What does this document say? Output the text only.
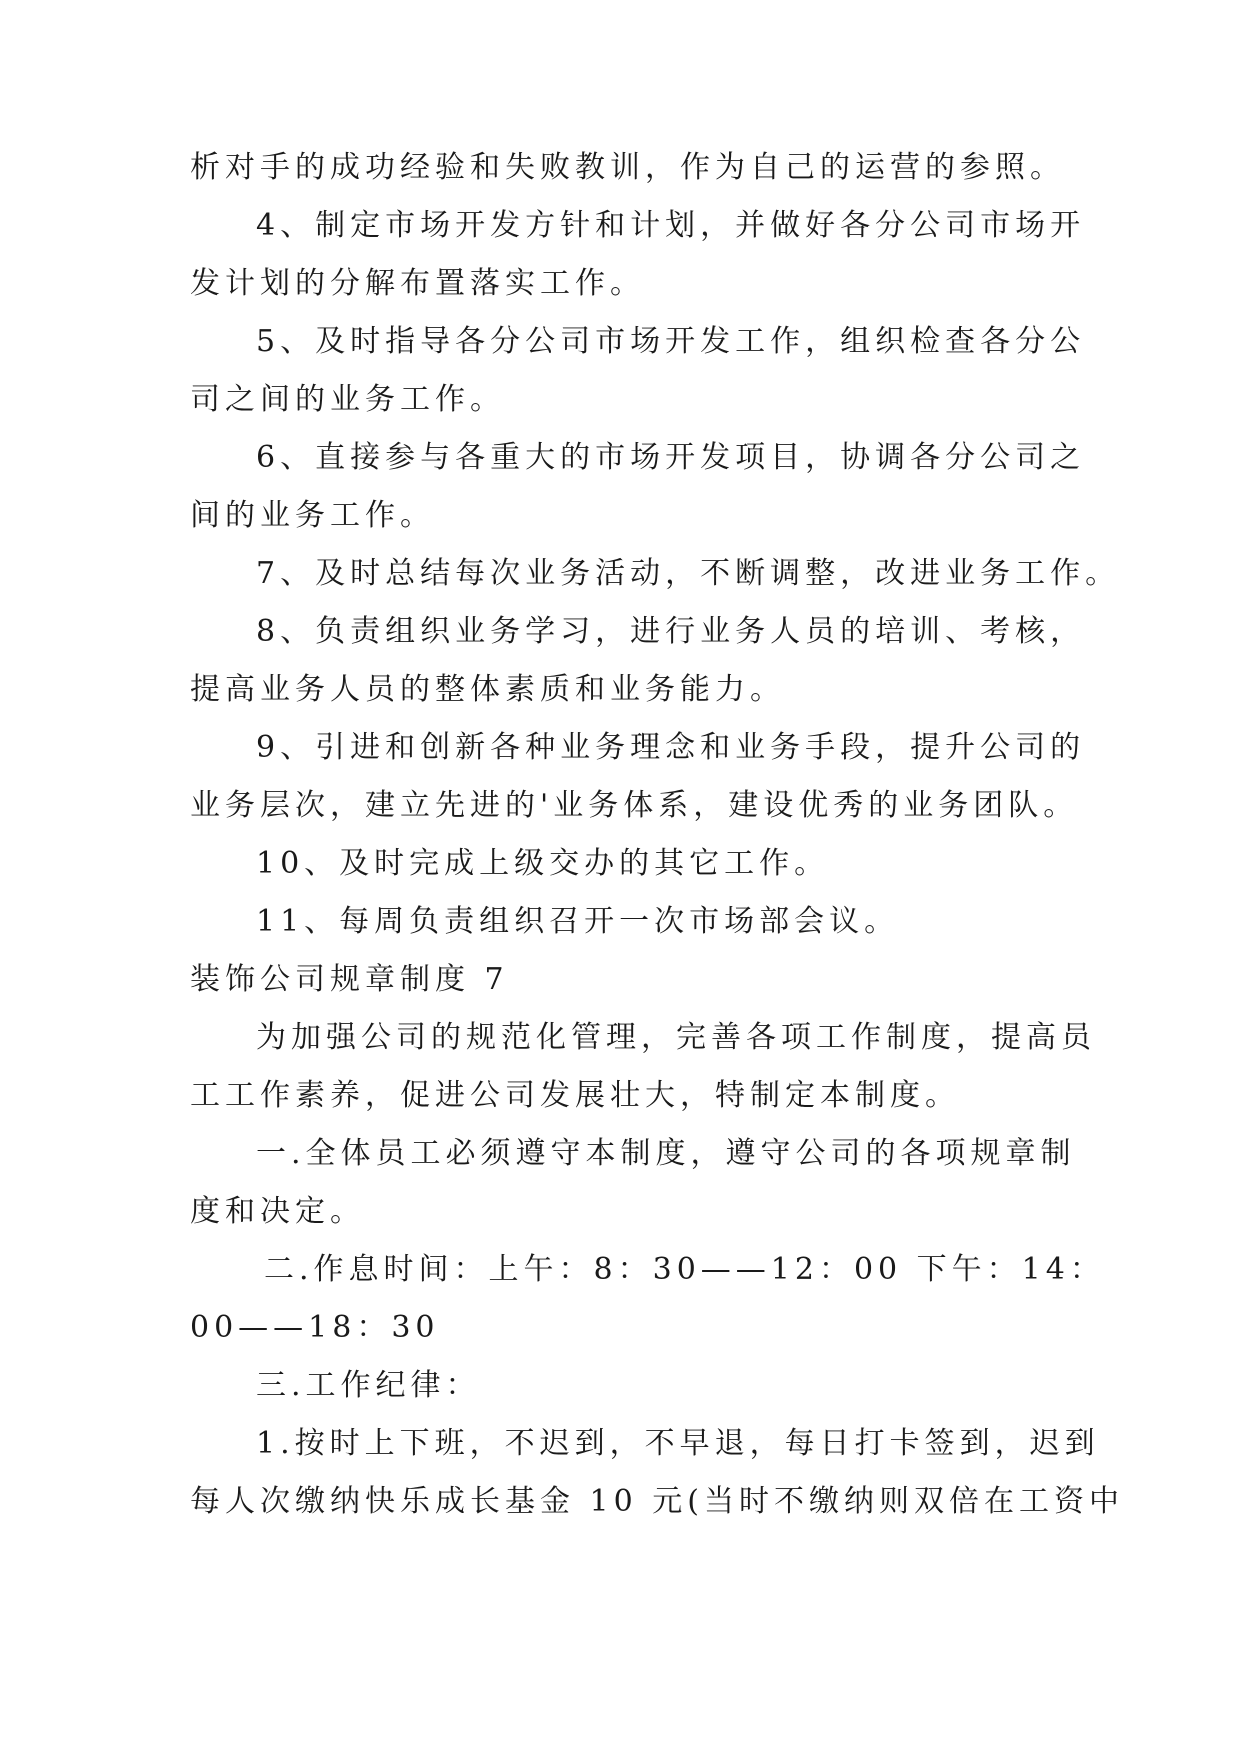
析对手的成功经验和失败教训，作为自己的运营的参照。

4、制定市场开发方针和计划，并做好各分公司市场开

发计划的分解布置落实工作。

5、及时指导各分公司市场开发工作，组织检查各分公

司之间的业务工作。

6、直接参与各重大的市场开发项目，协调各分公司之

间的业务工作。

7、及时总结每次业务活动，不断调整，改进业务工作。

8、负责组织业务学习，进行业务人员的培训、考核，

提高业务人员的整体素质和业务能力。

9、引进和创新各种业务理念和业务手段，提升公司的

业务层次，建立先进的'业务体系，建设优秀的业务团队。

10、及时完成上级交办的其它工作。

11、每周负责组织召开一次市场部会议。

装饰公司规章制度 7

为加强公司的规范化管理，完善各项工作制度，提高员

工工作素养，促进公司发展壮大，特制定本制度。

一.全体员工必须遵守本制度，遵守公司的各项规章制

度和决定。

二.作息时间：上午：8：30——12：00 下午：14：

00——18：30

三.工作纪律：

1.按时上下班，不迟到，不早退，每日打卡签到，迟到

每人次缴纳快乐成长基金 10 元(当时不缴纳则双倍在工资中
